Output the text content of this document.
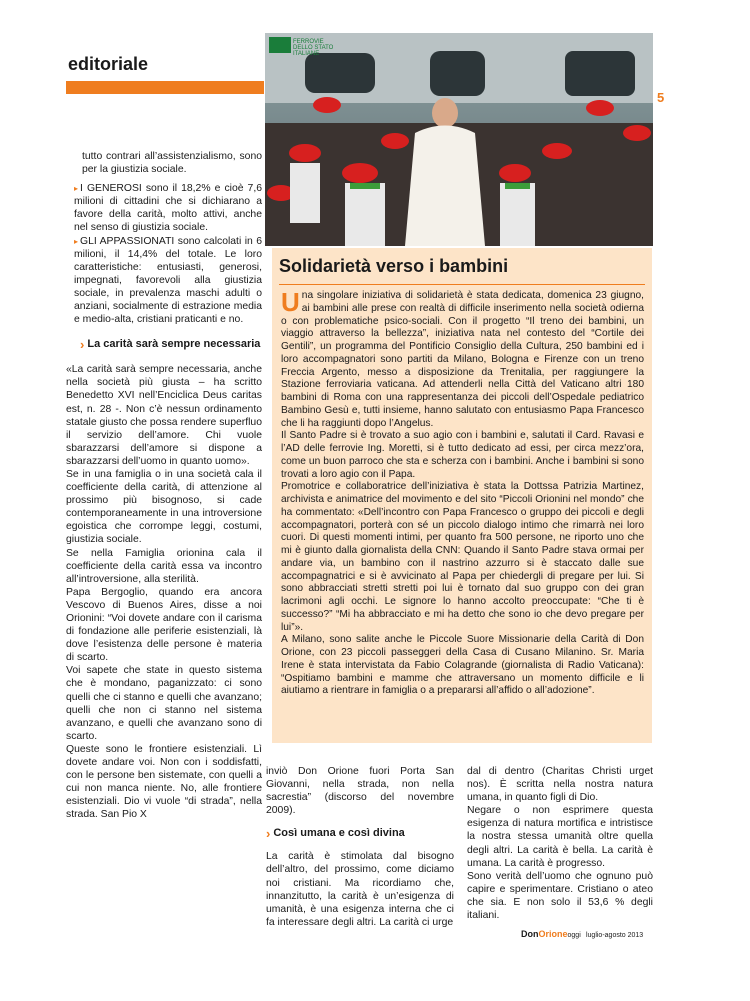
editoriale
5
FERROVIE
DELLO STATO
ITALIANE

tutto contrari all’assistenzialismo, sono per la giustizia sociale.

▸ I GENEROSI sono il 18,2% e cioè 7,6 milioni di cittadini che si dichiarano a favore della carità, molto attivi, anche nel senso di giustizia sociale.

▸ GLI APPASSIONATI sono calcolati in 6 milioni, il 14,4% del totale. Le loro caratteristiche: entusiasti, generosi, impegnati, favorevoli alla giustizia sociale, in prevalenza maschi adulti o anziani, socialmente di estrazione media e medio-alta, cristiani praticanti e no.

› La carità sarà sempre necessaria

«La carità sarà sempre necessaria, anche nella società più giusta – ha scritto Benedetto XVI nell’Enciclica Deus caritas est, n. 28 -. Non c’è nessun ordinamento statale giusto che possa rendere superfluo il servizio dell’amore. Chi vuole sbarazzarsi dell’amore si dispone a sbarazzarsi dell’uomo in quanto uomo».

Se in una famiglia o in una società cala il coefficiente della carità, di attenzione al prossimo più bisognoso, si cade contemporaneamente in una introversione egoistica che corrompe leggi, costumi, giustizia sociale.

Se nella Famiglia orionina cala il coefficiente della carità essa va incontro all’introversione, alla sterilità.

Papa Bergoglio, quando era ancora Vescovo di Buenos Aires, disse a noi Orionini: “Voi dovete andare con il carisma di fondazione alle periferie esistenziali, là dove l’esistenza delle persone è materia di scarto.

Voi sapete che state in questo sistema che è mondano, paganizzato: ci sono quelli che ci stanno e quelli che avanzano; quelli che non ci stanno nel sistema avanzano, e quelli che avanzano sono di scarto.

Queste sono le frontiere esistenziali. Lì dovete andare voi. Non con i soddisfatti, con le persone ben sistemate, con quelli a cui non manca niente. No, alle frontiere esistenziali. Dio vi vuole “di strada”, nella strada. San Pio X

Solidarietà verso i bambini

Una singolare iniziativa di solidarietà è stata dedicata, domenica 23 giugno, ai bambini alle prese con realtà di difficile inserimento nella società odierna o con problematiche psico-sociali. Con il progetto “Il treno dei bambini, un viaggio attraverso la bellezza”, iniziativa nata nel contesto del “Cortile dei Gentili”, un programma del Pontificio Consiglio della Cultura, 250 bambini ed i loro accompagnatori sono partiti da Milano, Bologna e Firenze con un treno Freccia Argento, messo a disposizione da Trenitalia, per raggiungere la Stazione ferroviaria vaticana. Ad attenderli nella Città del Vaticano altri 180 bambini di Roma con una rappresentanza dei piccoli dell’Ospedale pediatrico Bambino Gesù e, tutti insieme, hanno salutato con entusiasmo Papa Francesco che li ha raggiunti dopo l’Angelus.

Il Santo Padre si è trovato a suo agio con i bambini e, salutati il Card. Ravasi e l’AD delle ferrovie Ing. Moretti, si è tutto dedicato ad essi, per circa mezz’ora, come un buon parroco che sta e scherza con i bambini. Anche i bambini si sono trovati a loro agio con il Papa.

Promotrice e collaboratrice dell’iniziativa è stata la Dottssa Patrizia Martinez, archivista e animatrice del movimento e del sito “Piccoli Orionini nel mondo” che ha commentato: «Dell’incontro con Papa Francesco o gruppo dei piccoli e degli accompagnatori, porterà con sé un piccolo dialogo intimo che rimarrà nei loro cuori. Di questi momenti intimi, per quanto fra 500 persone, ne riporto uno che mi è giunto dalla giornalista della CNN: Quando il Santo Padre stava ormai per andare via, un bambino con il nastrino azzurro si è staccato dalle sue accompagnatrici e si è avvicinato al Papa per chiedergli di pregare per lui. Si sono abbracciati stretti stretti poi lui è tornato dal suo gruppo con dei gran lacrimoni agli occhi. Le signore lo hanno accolto preoccupate: “Che ti è successo?” “Mi ha abbracciato e mi ha detto che sono io che devo pregare per lui”».

A Milano, sono salite anche le Piccole Suore Missionarie della Carità di Don Orione, con 23 piccoli passeggeri della Casa di Cusano Milanino. Sr. Maria Irene è stata intervistata da Fabio Colagrande (giornalista di Radio Vaticana): “Ospitiamo bambini e mamme che attraversano un momento difficile e li aiutiamo a rientrare in famiglia o a prepararsi all’affido o all’adozione”.

inviò Don Orione fuori Porta San Giovanni, nella strada, non nella sacrestia” (discorso del novembre 2009).

› Così umana e così divina

La carità è stimolata dal bisogno dell’altro, del prossimo, come diciamo noi cristiani. Ma ricordiamo che, innanzitutto, la carità è un’esigenza di umanità, è una esigenza interna che ci fa interessare degli altri. La carità ci urge

dal di dentro (Charitas Christi urget nos). È scritta nella nostra natura umana, in quanto figli di Dio.

Negare o non esprimere questa esigenza di natura mortifica e intristisce la nostra stessa umanità oltre quella degli altri. La carità è bella. La carità è umana. La carità è progresso.

Sono verità dell’uomo che ognuno può capire e sperimentare. Cristiano o ateo che sia. E non solo il 53,6 % degli italiani.

DonOrioneoggi luglio-agosto 2013
